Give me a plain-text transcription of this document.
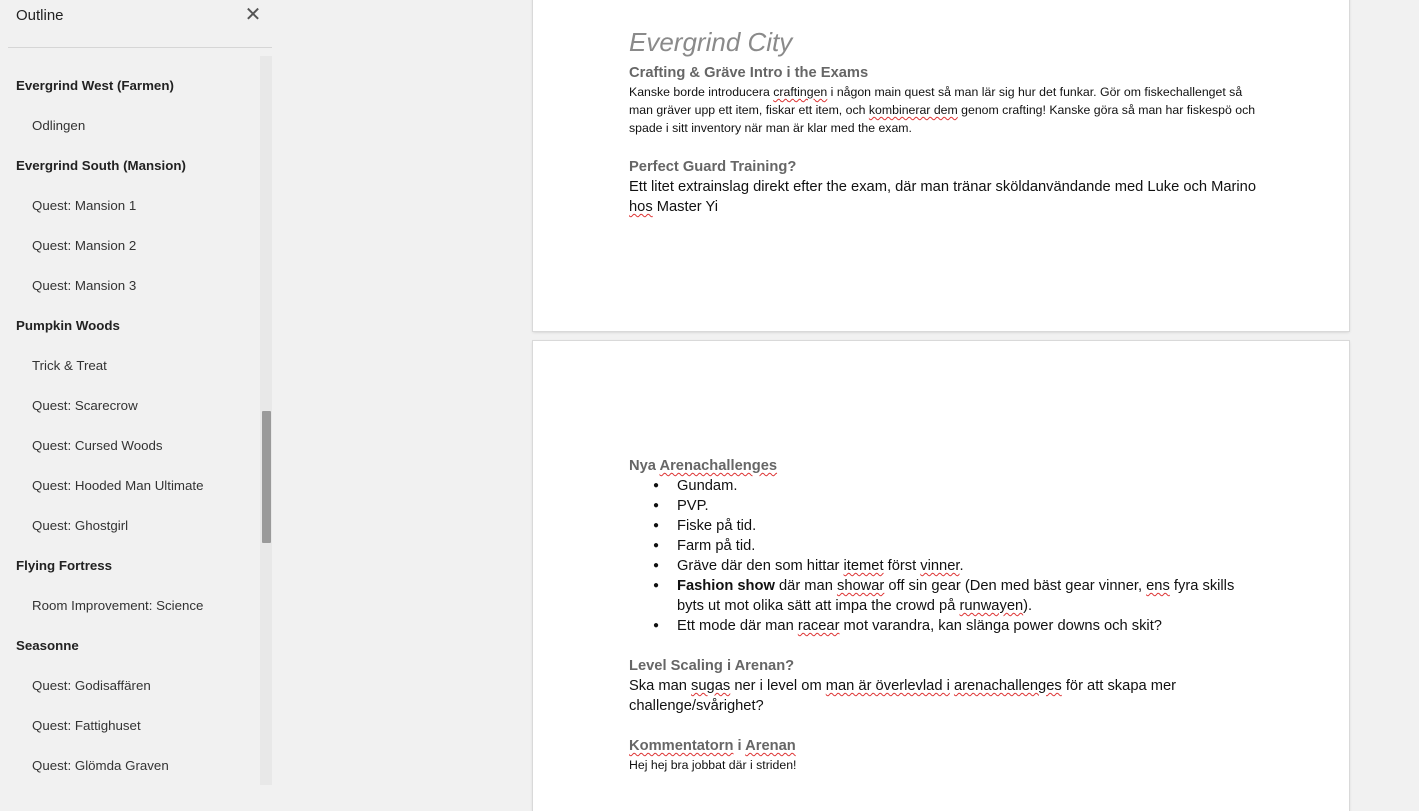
Outline	✕
Evergrind West (Farmen)
Odlingen
Evergrind South (Mansion)
Quest: Mansion 1
Quest: Mansion 2
Quest: Mansion 3
Pumpkin Woods
Trick & Treat
Quest: Scarecrow
Quest: Cursed Woods
Quest: Hooded Man Ultimate
Quest: Ghostgirl
Flying Fortress
Room Improvement: Science
Seasonne
Quest: Godisaffären
Quest: Fattighuset
Quest: Glömda Graven
Evergrind City
Crafting & Gräve Intro i the Exams
Kanske borde introducera craftingen i någon main quest så man lär sig hur det funkar. Gör om fiskechallenget så man gräver upp ett item, fiskar ett item, och kombinerar dem genom crafting! Kanske göra så man har fiskespö och spade i sitt inventory när man är klar med the exam.
Perfect Guard Training?
Ett litet extrainslag direkt efter the exam, där man tränar sköldanvändande med Luke och Marino hos Master Yi
Nya Arenachallenges
● Gundam.
● PVP.
● Fiske på tid.
● Farm på tid.
● Gräve där den som hittar itemet först vinner.
● Fashion show där man showar off sin gear (Den med bäst gear vinner, ens fyra skills byts ut mot olika sätt att impa the crowd på runwayen).
● Ett mode där man racear mot varandra, kan slänga power downs och skit?
Level Scaling i Arenan?
Ska man sugas ner i level om man är överlevlad i arenachallenges för att skapa mer challenge/svårighet?
Kommentatorn i Arenan
Hej hej bra jobbat där i striden!
